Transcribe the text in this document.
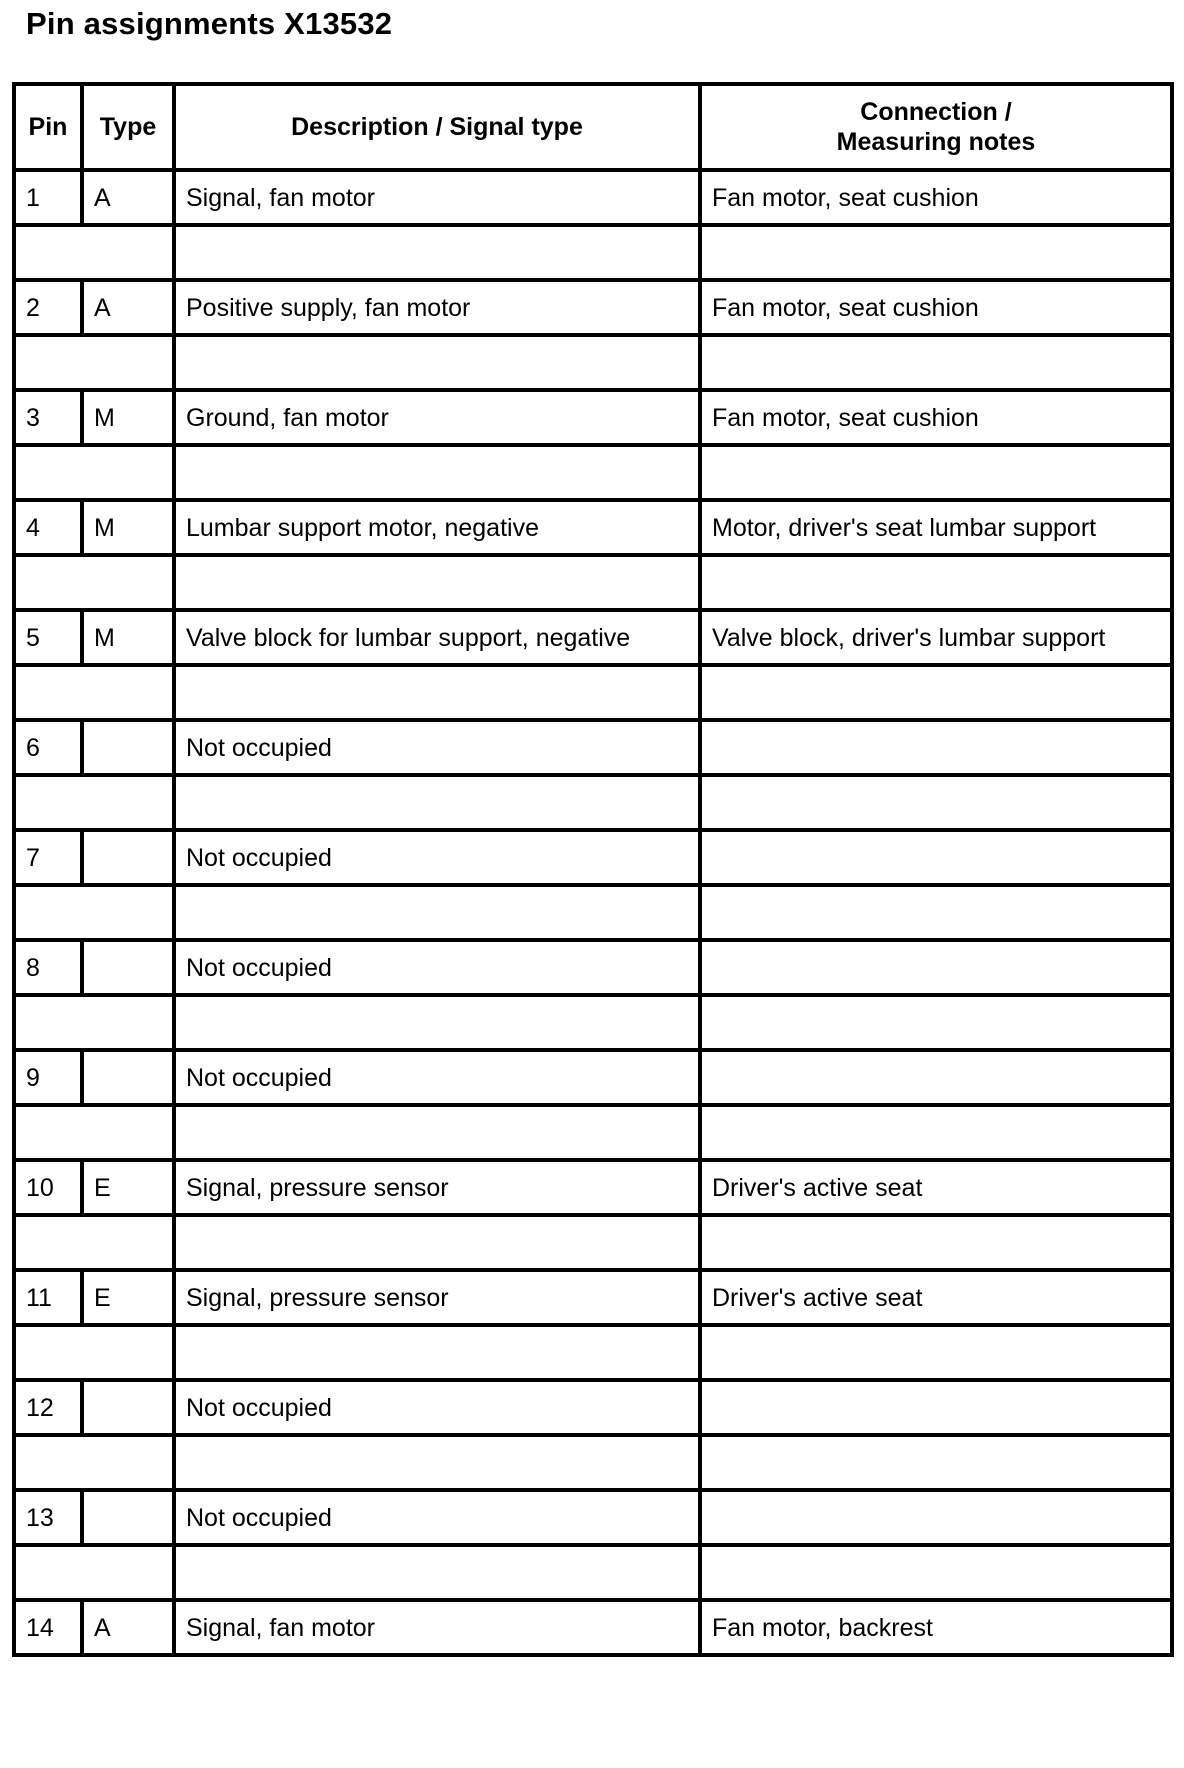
Pin assignments X13532
Pin	Type	Description / Signal type	Connection /
Measuring notes

1	A	Signal, fan motor	Fan motor, seat cushion

2	A	Positive supply, fan motor	Fan motor, seat cushion

3	M	Ground, fan motor	Fan motor, seat cushion

4	M	Lumbar support motor, negative	Motor, driver's seat lumbar support

5	M	Valve block for lumbar support, negative	Valve block, driver's lumbar support

6		Not occupied	

7		Not occupied	

8		Not occupied	

9		Not occupied	

10	E	Signal, pressure sensor	Driver's active seat

11	E	Signal, pressure sensor	Driver's active seat

12		Not occupied	

13		Not occupied	

14	A	Signal, fan motor	Fan motor, backrest
